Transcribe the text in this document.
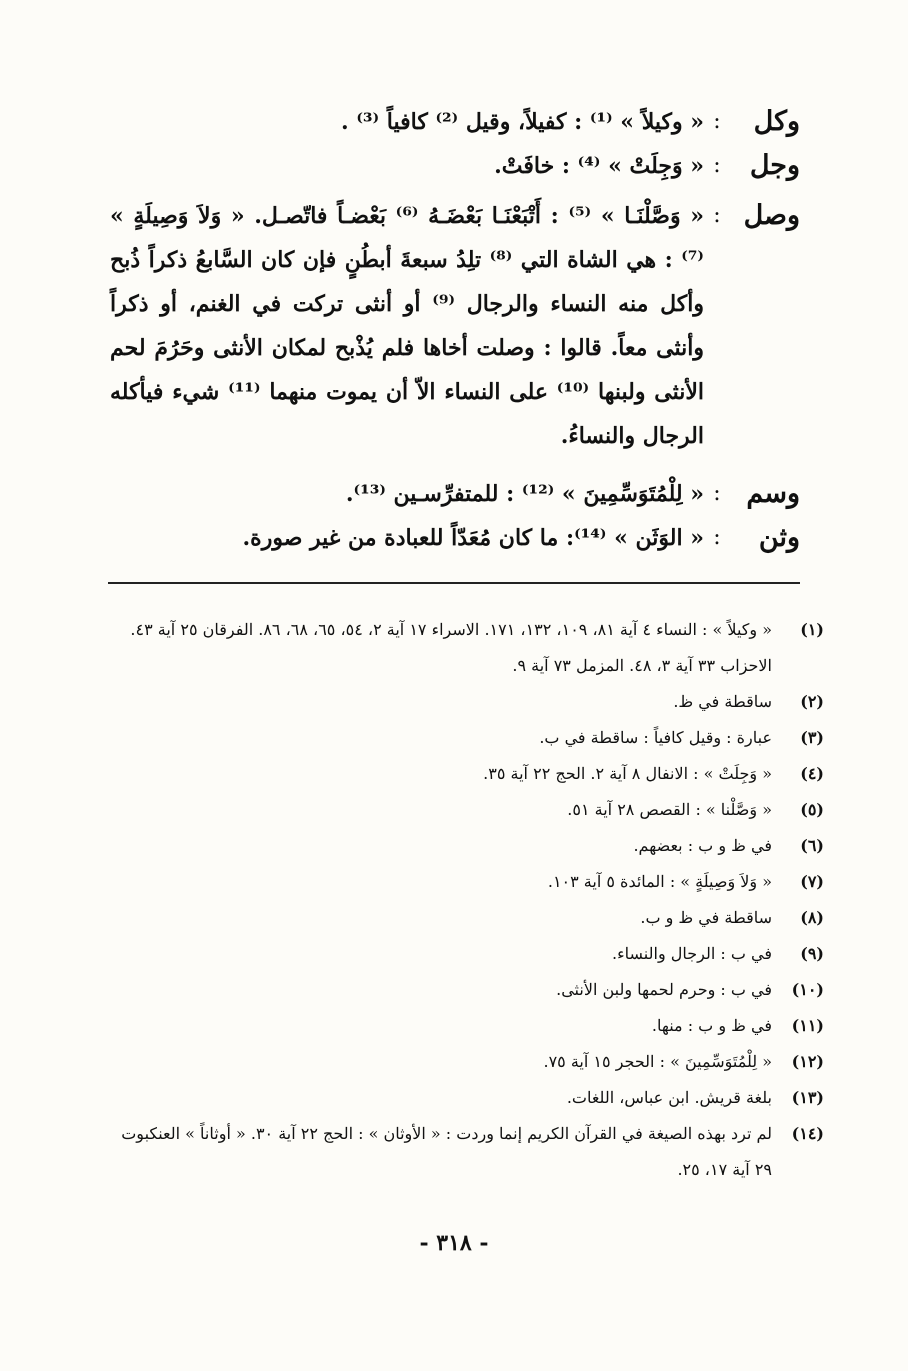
وكل
:
« وكيلاً » ⁽¹⁾ : كفيلاً، وقيل ⁽²⁾ كافياً ⁽³⁾ .
وجل
:
« وَجِلَتْ » ⁽⁴⁾ : خافَتْ.
وصل
:
« وَصَّلْنَـا » ⁽⁵⁾ : أَتْبَعْنَـا بَعْضَـهُ ⁽⁶⁾ بَعْضـاً فاتّصـل. « وَلاَ وَصِيلَةٍ » ⁽⁷⁾ : هي الشاة التي ⁽⁸⁾ تلِدُ سبعةَ أبطُنٍ فإن كان السَّابعُ ذكراً ذُبح وأكل منه النساء والرجال ⁽⁹⁾ أو أنثى تركت في الغنم، أو ذكراً وأنثى معاً. قالوا : وصلت أخاها فلم يُذْبح لمكان الأنثى وحَرُمَ لحم الأنثى ولبنها ⁽¹⁰⁾ على النساء الاّ أن يموت منهما ⁽¹¹⁾ شيء فيأكله الرجال والنساءُ.
وسم
:
« لِلْمُتَوَسِّمِينَ » ⁽¹²⁾ : للمتفرِّسـين ⁽¹³⁾.
وثن
:
« الوَثَن » ⁽¹⁴⁾: ما كان مُعَدّاً للعبادة من غير صورة.
(١)
« وكيلاً » : النساء ٤ آية ٨١، ١٠٩، ١٣٢، ١٧١. الاسراء ١٧ آية ٢، ٥٤، ٦٥، ٦٨، ٨٦. الفرقان ٢٥ آية ٤٣. الاحزاب ٣٣ آية ٣، ٤٨. المزمل ٧٣ آية ٩.
(٢)
ساقطة في ظ.
(٣)
عبارة : وقيل كافياً : ساقطة في ب.
(٤)
« وَجِلَتْ » : الانفال ٨ آية ٢. الحج ٢٢ آية ٣٥.
(٥)
« وَصَّلْنا » : القصص ٢٨ آية ٥١.
(٦)
في ظ و ب : بعضهم.
(٧)
« وَلاَ وَصِيلَةٍ » : المائدة ٥ آية ١٠٣.
(٨)
ساقطة في ظ و ب.
(٩)
في ب : الرجال والنساء.
(١٠)
في ب : وحرم لحمها ولبن الأنثى.
(١١)
في ظ و ب : منها.
(١٢)
« لِلْمُتَوَسِّمِينَ » : الحجر ١٥ آية ٧٥.
(١٣)
بلغة قريش. ابن عباس، اللغات.
(١٤)
لم ترد بهذه الصيغة في القرآن الكريم إنما وردت : « الأوثان » : الحج ٢٢ آية ٣٠. « أوثاناً » العنكبوت ٢٩ آية ١٧، ٢٥.
- ٣١٨ -
